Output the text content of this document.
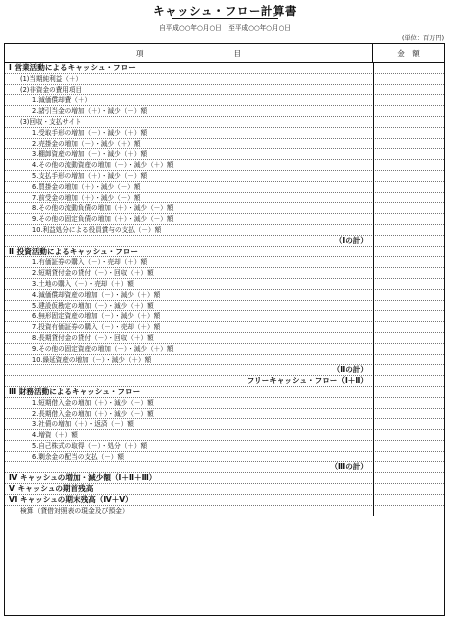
キャッシュ・フロー計算書
自平成○○年○月○日　至平成○○年○月○日
(単位：百万円)
項	目	金　額
Ⅰ 営業活動によるキャッシュ・フロー
(1)当期純利益（＋）
(2)非資金の費用項目
1.減価償却費（＋）
2.諸引当金の増加（＋）・減少（－）額
(3)回収・支払サイト
1.受取手形の増加（－）・減少（＋）額
2.売掛金の増加（－）・減少（＋）額
3.棚卸資産の増加（－）・減少（＋）額
4.その他の流動資産の増加（－）・減少（＋）額
5.支払手形の増加（＋）・減少（－）額
6.買掛金の増加（＋）・減少（－）額
7.前受金の増加（＋）・減少（－）額
8.その他の流動負債の増加（＋）・減少（－）額
9.その他の固定負債の増加（＋）・減少（－）額
10.利益処分による役員賞与の支払（－）額
（Ⅰの計）
Ⅱ 投資活動によるキャッシュ・フロー
1.有価証券の購入（－）・売却（＋）額
2.短期貸付金の貸付（－）・回収（＋）額
3.土地の購入（－）・売却（＋）額
4.減価償却資産の増加（－）・減少（＋）額
5.建設仮勘定の増加（－）・減少（＋）額
6.無形固定資産の増加（－）・減少（＋）額
7.投資有価証券の購入（－）・売却（＋）額
8.長期貸付金の貸付（－）・回収（＋）額
9.その他の固定資産の増加（－）・減少（＋）額
10.繰延資産の増加（－）・減少（＋）額
（Ⅱの計）
フリーキャッシュ・フロー（Ⅰ＋Ⅱ）
Ⅲ 財務活動によるキャッシュ・フロー
1.短期借入金の増加（＋）・減少（－）額
2.長期借入金の増加（＋）・減少（－）額
3.社債の増加（＋）・返済（－）額
4.増資（＋）額
5.自己株式の取得（－）・処分（＋）額
6.剰余金の配当の支払（－）額
（Ⅲの計）
Ⅳ キャッシュの増加・減少額（Ⅰ＋Ⅱ＋Ⅲ）
Ⅴ キャッシュの期首残高
Ⅵ キャッシュの期末残高（Ⅳ＋Ⅴ）
検算（貸借対照表の現金及び預金）
